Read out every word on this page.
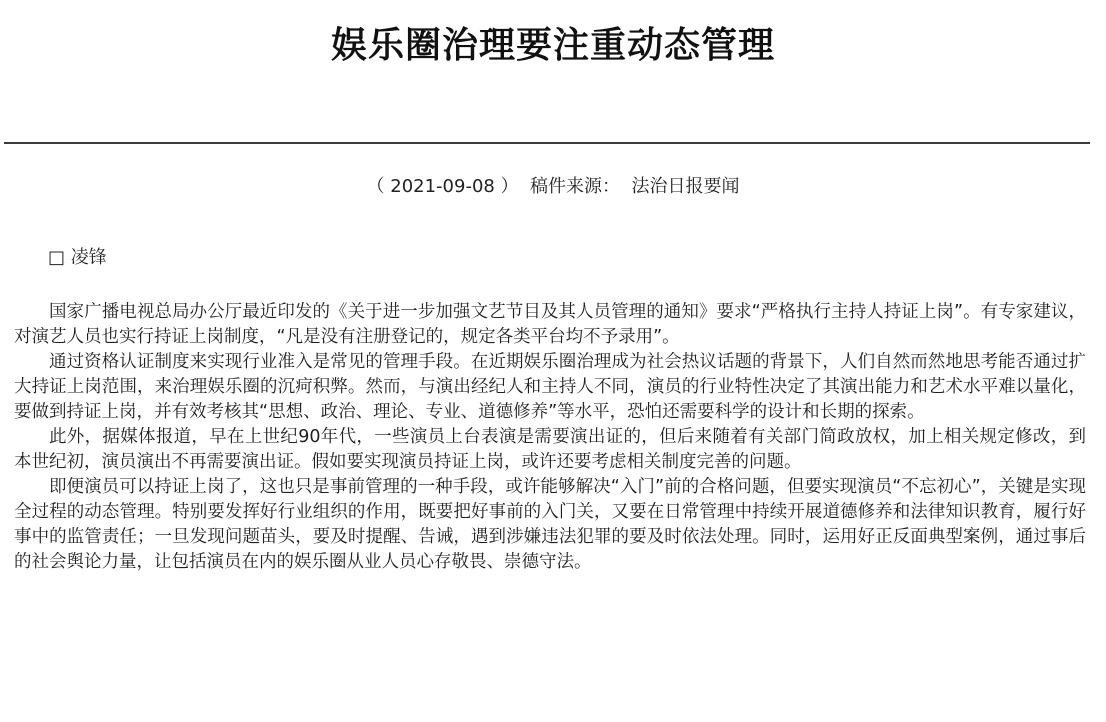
娱乐圈治理要注重动态管理
（ 2021-09-08 ）  稿件来源：  法治日报要闻
□ 凌锋

国家广播电视总局办公厅最近印发的《关于进一步加强文艺节目及其人员管理的通知》要求“严格执行主持人持证上岗”。有专家建议，对演艺人员也实行持证上岗制度，“凡是没有注册登记的，规定各类平台均不予录用”。

通过资格认证制度来实现行业准入是常见的管理手段。在近期娱乐圈治理成为社会热议话题的背景下，人们自然而然地思考能否通过扩大持证上岗范围，来治理娱乐圈的沉疴积弊。然而，与演出经纪人和主持人不同，演员的行业特性决定了其演出能力和艺术水平难以量化，要做到持证上岗，并有效考核其“思想、政治、理论、专业、道德修养”等水平，恐怕还需要科学的设计和长期的探索。

此外，据媒体报道，早在上世纪90年代，一些演员上台表演是需要演出证的，但后来随着有关部门简政放权，加上相关规定修改，到本世纪初，演员演出不再需要演出证。假如要实现演员持证上岗，或许还要考虑相关制度完善的问题。

即便演员可以持证上岗了，这也只是事前管理的一种手段，或许能够解决“入门”前的合格问题，但要实现演员“不忘初心”，关键是实现全过程的动态管理。特别要发挥好行业组织的作用，既要把好事前的入门关，又要在日常管理中持续开展道德修养和法律知识教育，履行好事中的监管责任；一旦发现问题苗头，要及时提醒、告诫，遇到涉嫌违法犯罪的要及时依法处理。同时，运用好正反面典型案例，通过事后的社会舆论力量，让包括演员在内的娱乐圈从业人员心存敬畏、崇德守法。
